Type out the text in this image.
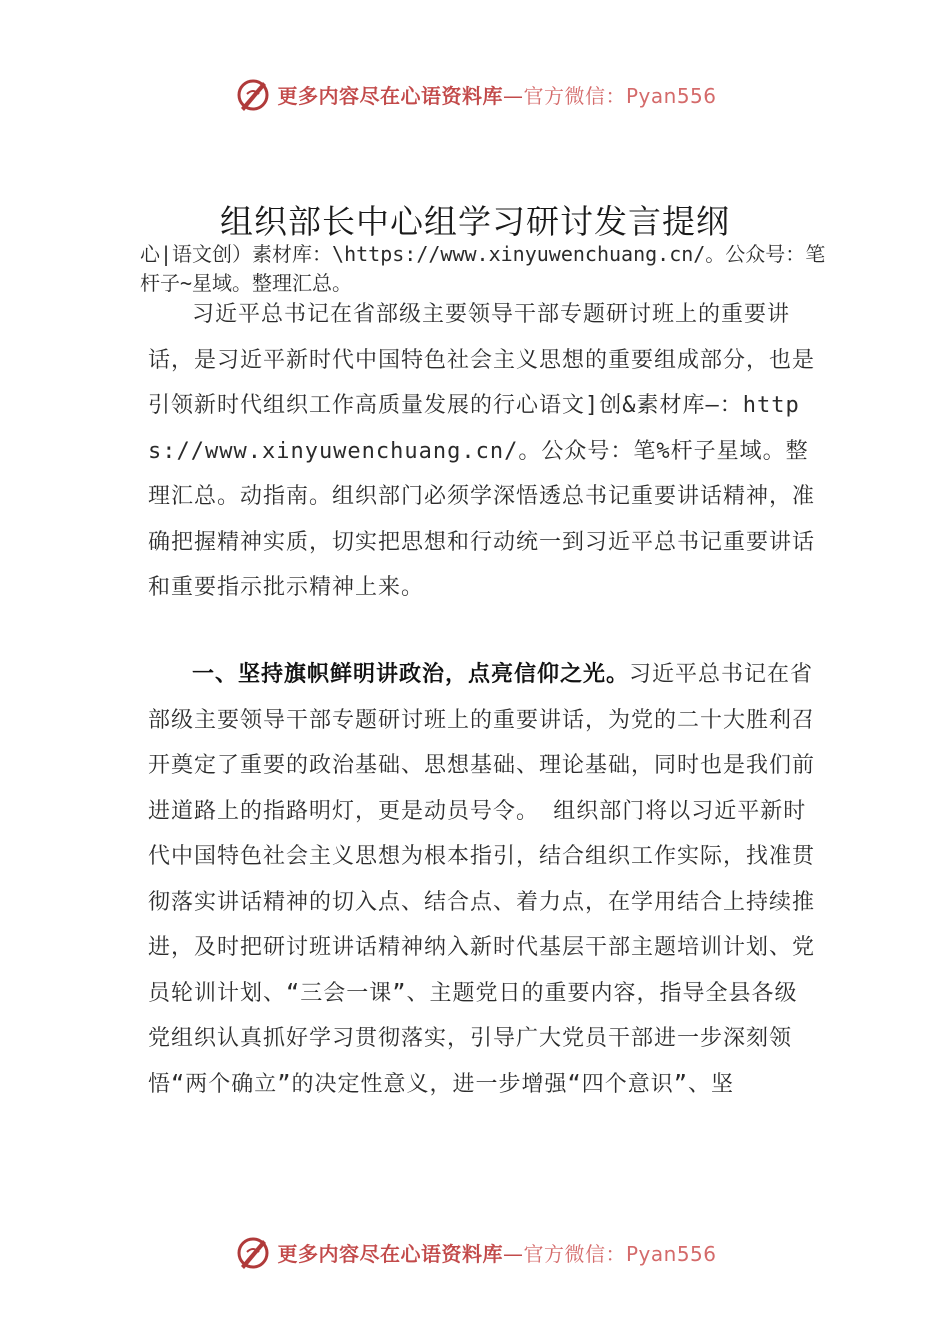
更多内容尽在心语资料库—官方微信：Pyan556
组织部长中心组学习研讨发言提纲
心|语文创）素材库：\https://www.xinyuwenchuang.cn/。公众号：笔杆子~星域。整理汇总。
习近平总书记在省部级主要领导干部专题研讨班上的重要讲话，是习近平新时代中国特色社会主义思想的重要组成部分，也是引领新时代组织工作高质量发展的行心语文]创&素材库—：https://www.xinyuwenchuang.cn/。公众号：笔%杆子星域。整理汇总。动指南。组织部门必须学深悟透总书记重要讲话精神，准确把握精神实质，切实把思想和行动统一到习近平总书记重要讲话和重要指示批示精神上来。
一、坚持旗帜鲜明讲政治，点亮信仰之光。习近平总书记在省部级主要领导干部专题研讨班上的重要讲话，为党的二十大胜利召开奠定了重要的政治基础、思想基础、理论基础，同时也是我们前进道路上的指路明灯，更是动员号令。 组织部门将以习近平新时代中国特色社会主义思想为根本指引，结合组织工作实际，找准贯彻落实讲话精神的切入点、结合点、着力点，在学用结合上持续推进，及时把研讨班讲话精神纳入新时代基层干部主题培训计划、党员轮训计划、“三会一课”、主题党日的重要内容，指导全县各级党组织认真抓好学习贯彻落实，引导广大党员干部进一步深刻领悟“两个确立”的决定性意义，进一步增强“四个意识”、坚
更多内容尽在心语资料库—官方微信：Pyan556
